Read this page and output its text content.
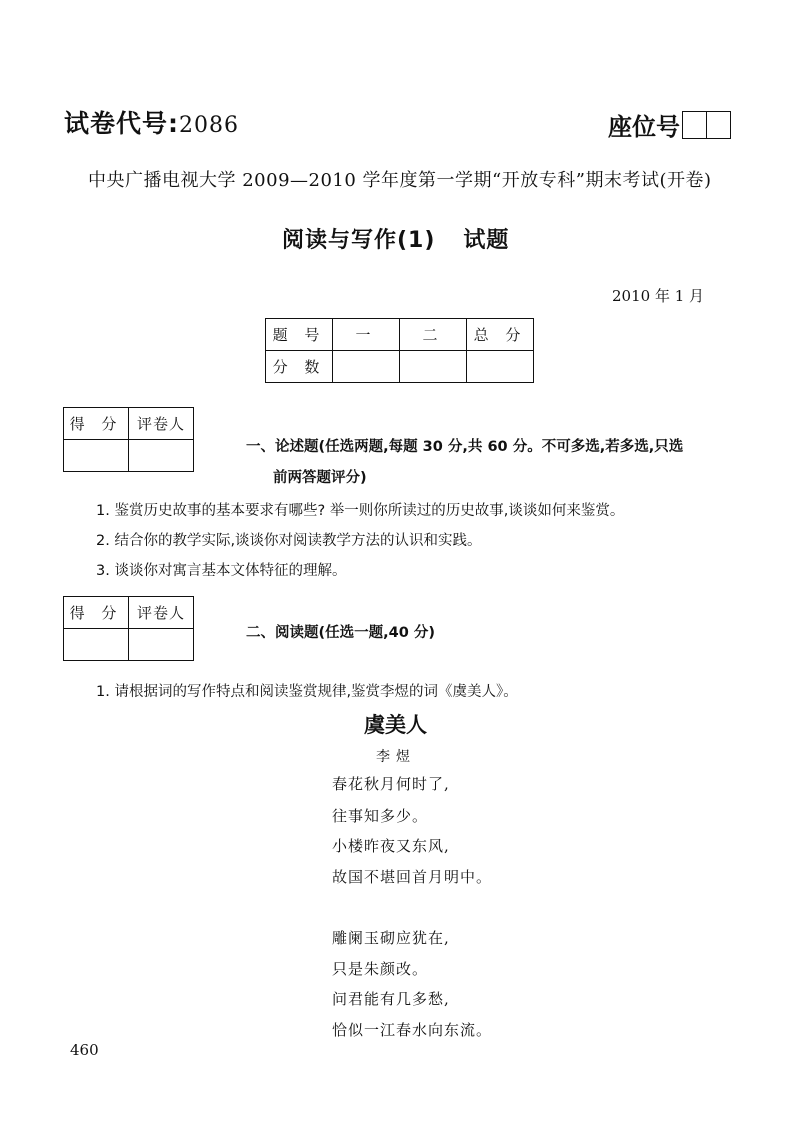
试卷代号:2086	座位号
中央广播电视大学 2009—2010 学年度第一学期“开放专科”期末考试(开卷)
阅读与写作(1) 试题
2010 年 1 月
题 号	一	二	总 分
分 数			
得 分	评卷人

一、论述题(任选两题,每题 30 分,共 60 分。不可多选,若多选,只选
前两答题评分)
1. 鉴赏历史故事的基本要求有哪些? 举一则你所读过的历史故事,谈谈如何来鉴赏。
2. 结合你的教学实际,谈谈你对阅读教学方法的认识和实践。
3. 谈谈你对寓言基本文体特征的理解。
得 分	评卷人

二、阅读题(任选一题,40 分)
1. 请根据词的写作特点和阅读鉴赏规律,鉴赏李煜的词《虞美人》。
虞美人
李煜
春花秋月何时了,
往事知多少。
小楼昨夜又东风,
故国不堪回首月明中。
雕阑玉砌应犹在,
只是朱颜改。
问君能有几多愁,
恰似一江春水向东流。
460
